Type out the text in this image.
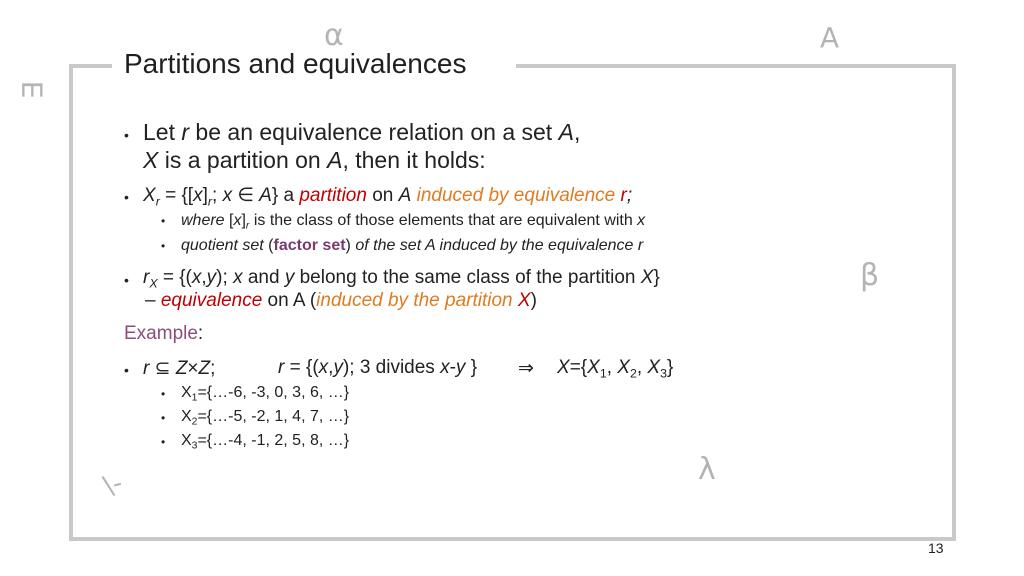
Partitions and equivalences
α	∀
∃
β
λ
\-
• Let r be an equivalence relation on a set A,
X is a partition on A, then it holds:
• $X_r = \{[x]_r$; x ∈ A} a partition on A induced by equivalence r;
• where $[x]_r$ is the class of those elements that are equivalent with x
• quotient set (factor set) of the set A induced by the equivalence r
• $r_X = \{(x,y)$; x and y belong to the same class of the partition X}
– equivalence on A (induced by the partition X)
Example:
• r ⊆ Z×Z;	r = {(x,y); 3 divides x-y } ⇒ $X=\{X_1$, $X_2$, $X_3$}
• $X_1=\{\dots-6$, -3, 0, 3, 6, …}
• $X_2=\{\dots-5$, -2, 1, 4, 7, …}
• $X_3=\{\dots-4$, -1, 2, 5, 8, …}
13
